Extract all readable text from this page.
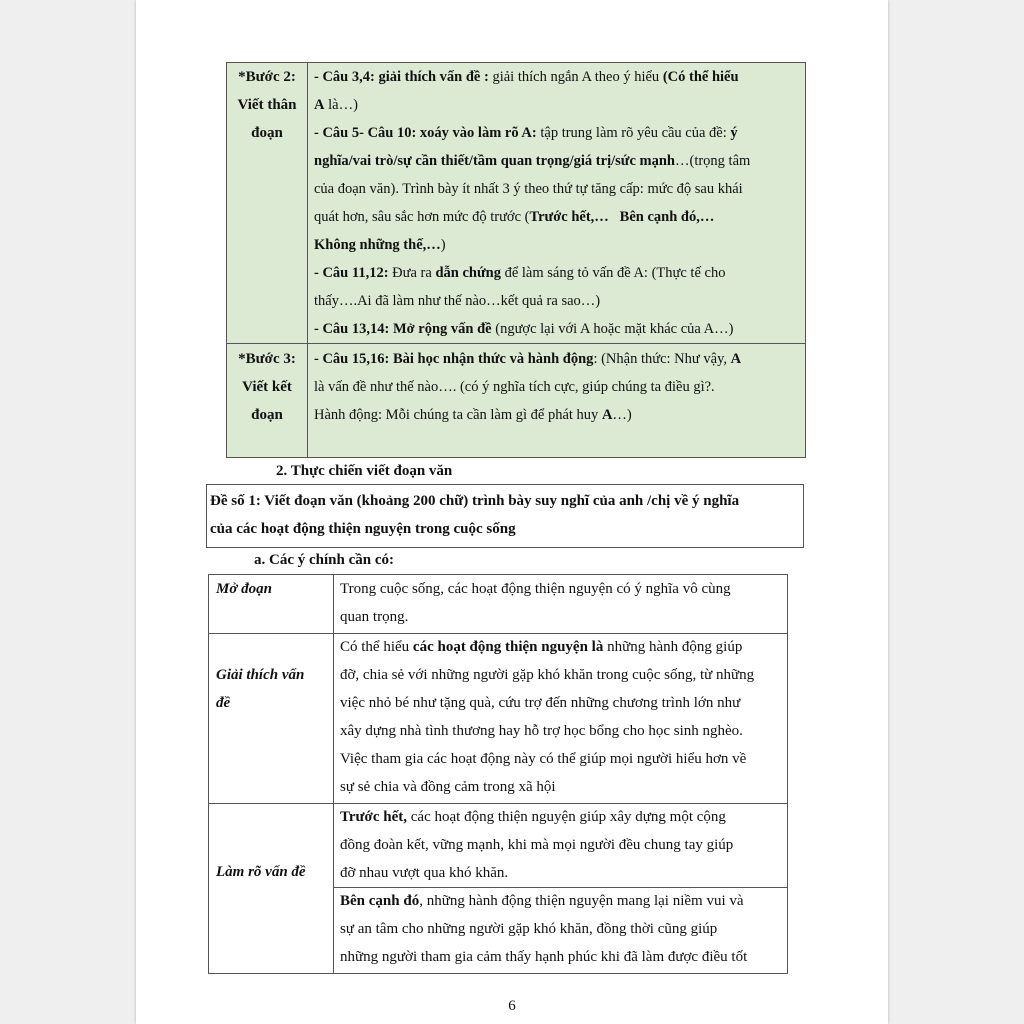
*Bước 2:
Viết thân
đoạn
- Câu 3,4: giải thích vấn đề : giải thích ngắn A theo ý hiểu (Có thể hiểu
A là…)
- Câu 5- Câu 10: xoáy vào làm rõ A: tập trung làm rõ yêu cầu của đề: ý
nghĩa/vai trò/sự cần thiết/tầm quan trọng/giá trị/sức mạnh…(trọng tâm
của đoạn văn). Trình bày ít nhất 3 ý theo thứ tự tăng cấp: mức độ sau khái
quát hơn, sâu sắc hơn mức độ trước (Trước hết,… Bên cạnh đó,…
Không những thế,…)
- Câu 11,12: Đưa ra dẫn chứng để làm sáng tỏ vấn đề A: (Thực tế cho
thấy….Ai đã làm như thế nào…kết quả ra sao…)
- Câu 13,14: Mở rộng vấn đề (ngược lại với A hoặc mặt khác của A…)
*Bước 3:
Viết kết
đoạn
- Câu 15,16: Bài học nhận thức và hành động: (Nhận thức: Như vậy, A
là vấn đề như thế nào…. (có ý nghĩa tích cực, giúp chúng ta điều gì?.
Hành động: Mỗi chúng ta cần làm gì để phát huy A…)
2. Thực chiến viết đoạn văn
Đề số 1: Viết đoạn văn (khoảng 200 chữ) trình bày suy nghĩ của anh /chị về ý nghĩa
của các hoạt động thiện nguyện trong cuộc sống
a. Các ý chính cần có:
Mở đoạn	Trong cuộc sống, các hoạt động thiện nguyện có ý nghĩa vô cùng
quan trọng.
Giải thích vấn
đề
Có thể hiểu các hoạt động thiện nguyện là những hành động giúp
đỡ, chia sẻ với những người gặp khó khăn trong cuộc sống, từ những
việc nhỏ bé như tặng quà, cứu trợ đến những chương trình lớn như
xây dựng nhà tình thương hay hỗ trợ học bổng cho học sinh nghèo.
Việc tham gia các hoạt động này có thể giúp mọi người hiểu hơn về
sự sẻ chia và đồng cảm trong xã hội
Làm rõ vấn đề
Trước hết, các hoạt động thiện nguyện giúp xây dựng một cộng
đồng đoàn kết, vững mạnh, khi mà mọi người đều chung tay giúp
đỡ nhau vượt qua khó khăn.
Bên cạnh đó, những hành động thiện nguyện mang lại niềm vui và
sự an tâm cho những người gặp khó khăn, đồng thời cũng giúp
những người tham gia cảm thấy hạnh phúc khi đã làm được điều tốt
6
